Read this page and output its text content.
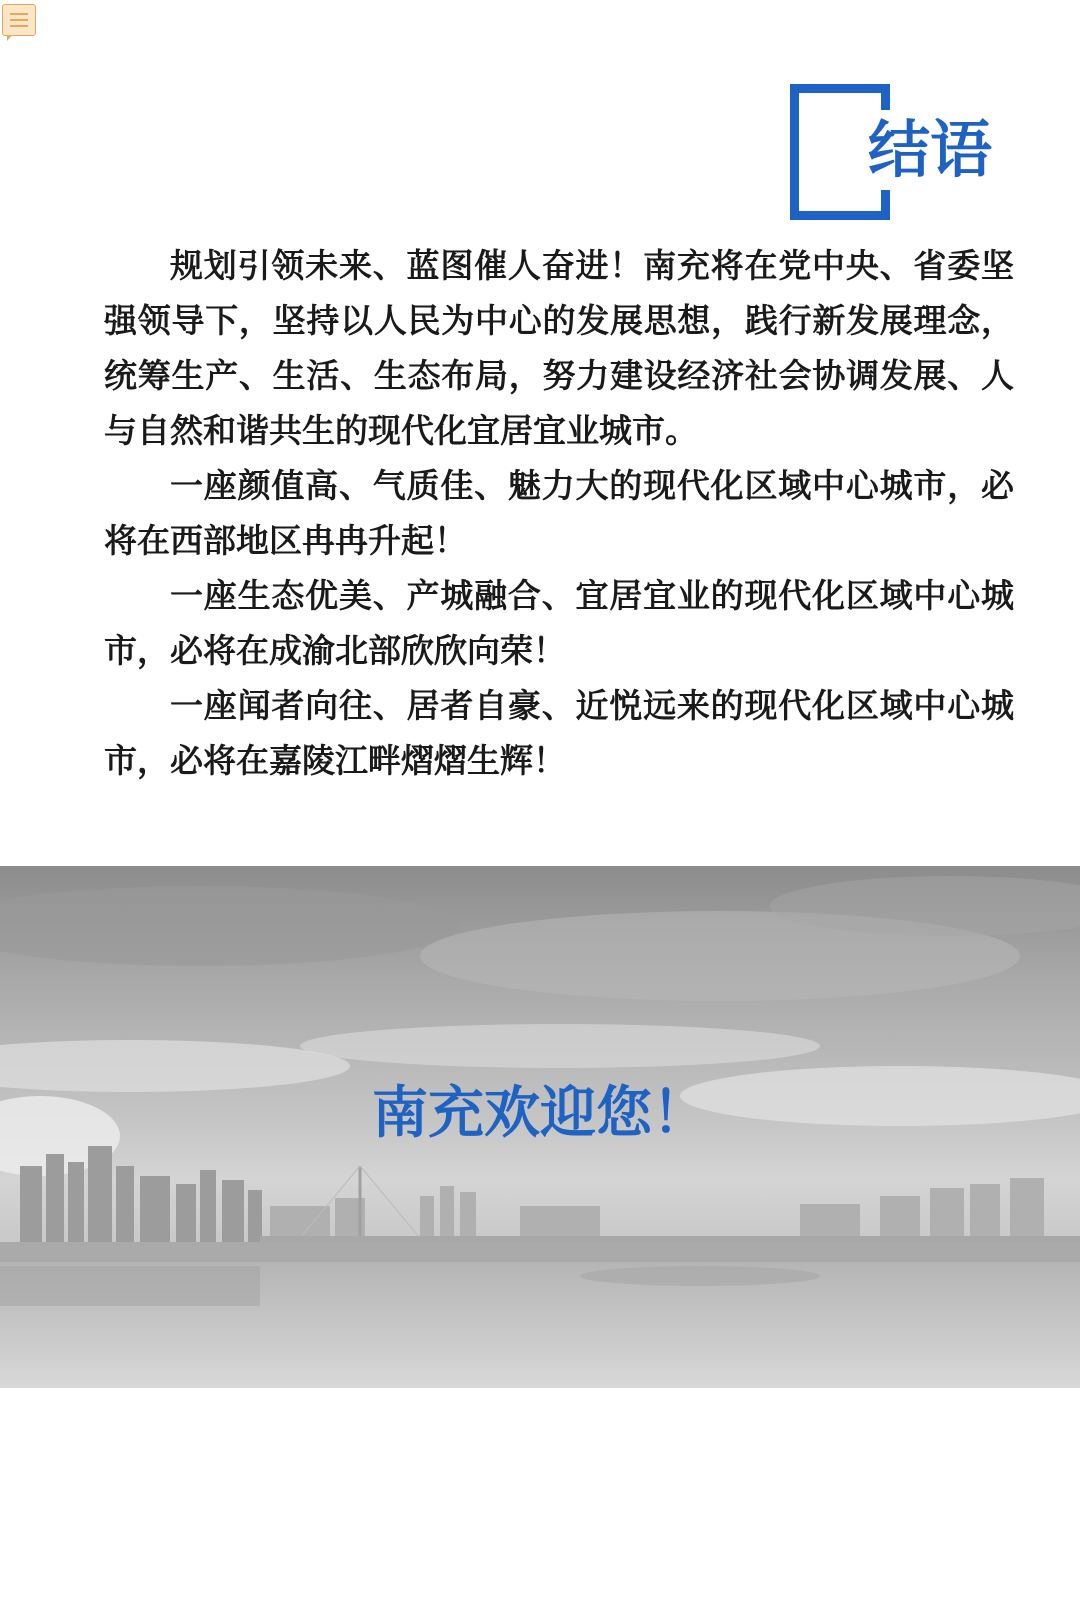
结语

规划引领未来、蓝图催人奋进！南充将在党中央、省委坚强领导下，坚持以人民为中心的发展思想，践行新发展理念，统筹生产、生活、生态布局，努力建设经济社会协调发展、人与自然和谐共生的现代化宜居宜业城市。

一座颜值高、气质佳、魅力大的现代化区域中心城市，必将在西部地区冉冉升起！

一座生态优美、产城融合、宜居宜业的现代化区域中心城市，必将在成渝北部欣欣向荣！

一座闻者向往、居者自豪、近悦远来的现代化区域中心城市，必将在嘉陵江畔熠熠生辉！

南充欢迎您！
